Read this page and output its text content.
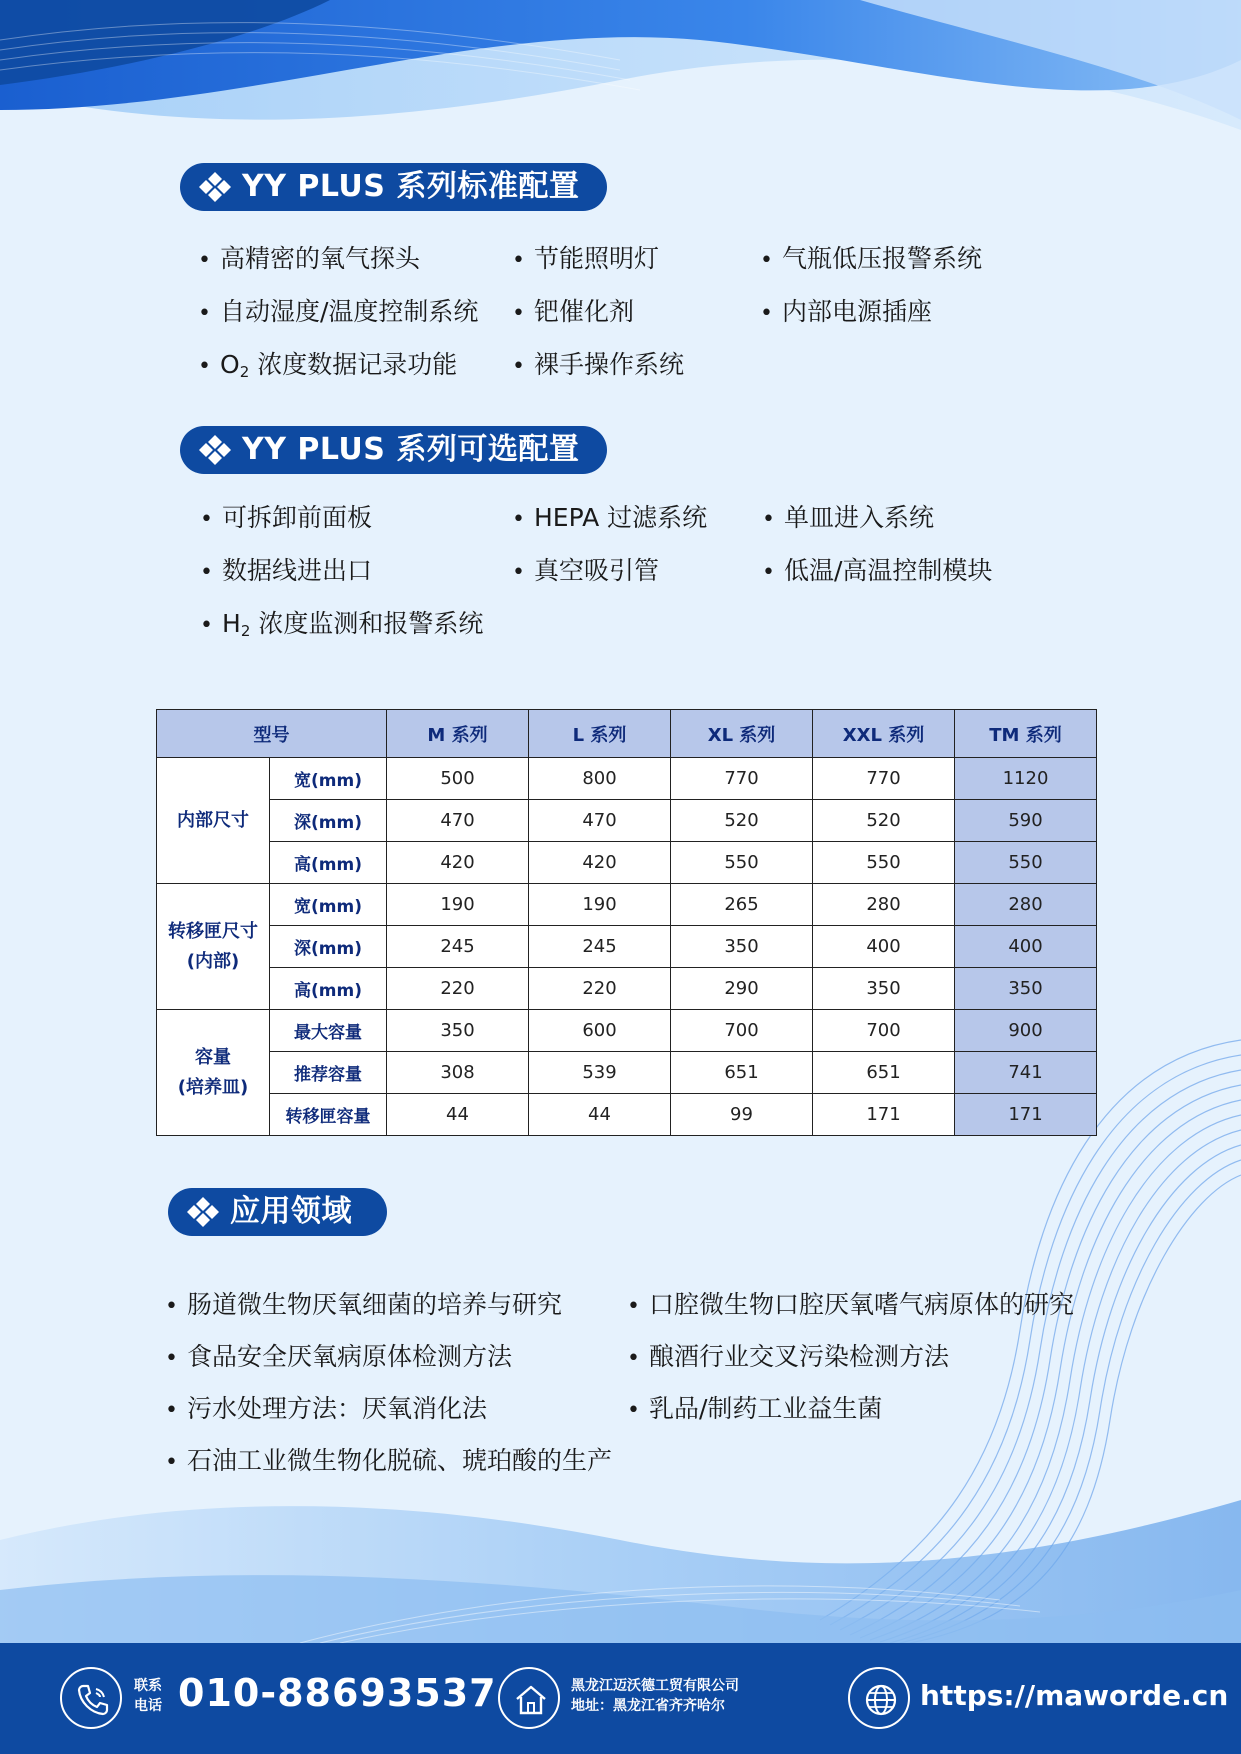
YY PLUS 系列标准配置
• 高精密的氧气探头	• 节能照明灯	• 气瓶低压报警系统
• 自动湿度/温度控制系统	• 钯催化剂	• 内部电源插座
• $O_2$ 浓度数据记录功能	• 裸手操作系统
YY PLUS 系列可选配置
• 可拆卸前面板	• HEPA 过滤系统	• 单皿进入系统
• 数据线进出口	• 真空吸引管	• 低温/高温控制模块
• $H_2$ 浓度监测和报警系统
型号		M 系列	L 系列	XL 系列	XXL 系列	TM 系列
内部尺寸	宽(mm)	500	800	770	770	1120
	深(mm)	470	470	520	520	590
	高(mm)	420	420	550	550	550
转移匣尺寸
(内部)	宽(mm)	190	190	265	280	280
	深(mm)	245	245	350	400	400
	高(mm)	220	220	290	350	350
容量
(培养皿)	最大容量	350	600	700	700	900
	推荐容量	308	539	651	651	741
	转移匣容量	44	44	99	171	171
应用领域
• 肠道微生物厌氧细菌的培养与研究	• 口腔微生物口腔厌氧嗜气病原体的研究
• 食品安全厌氧病原体检测方法	• 酿酒行业交叉污染检测方法
• 污水处理方法：厌氧消化法	• 乳品/制药工业益生菌
• 石油工业微生物化脱硫、琥珀酸的生产
联系
电话 010-88693537	黑龙江迈沃德工贸有限公司
地址：黑龙江省齐齐哈尔	https://mawordе.cn
